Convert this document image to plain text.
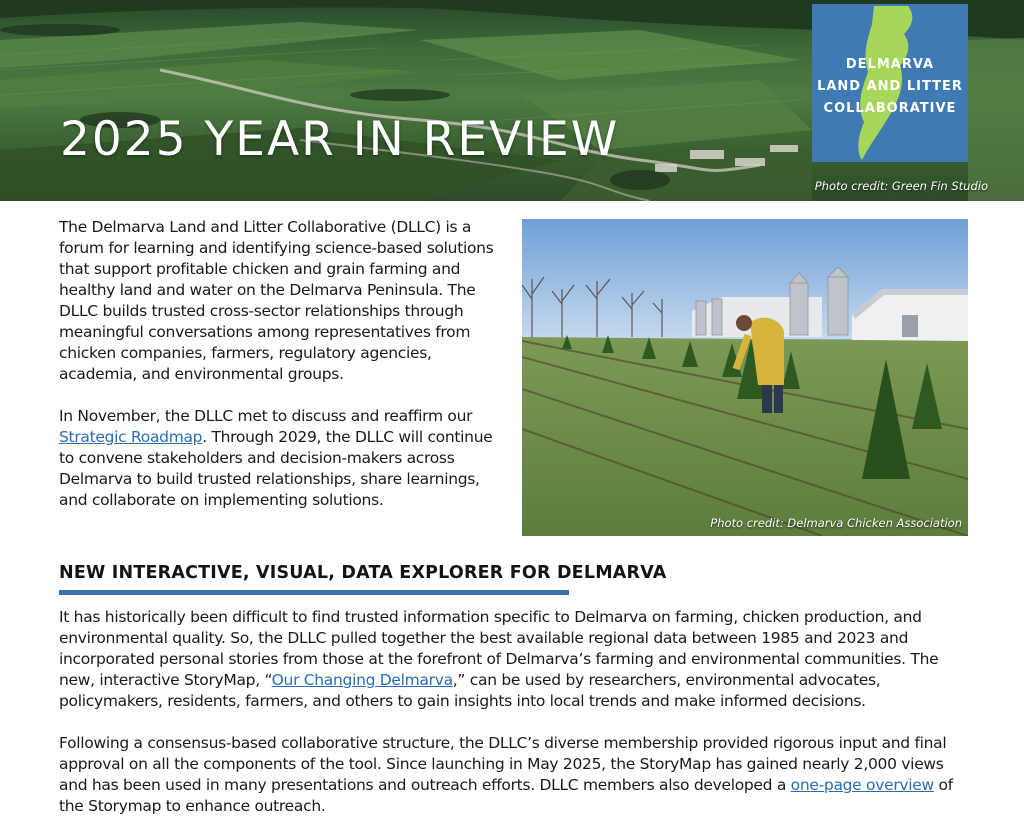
2025 YEAR IN REVIEW
DELMARVA
LAND AND LITTER
COLLABORATIVE
Photo credit: Green Fin Studio

The Delmarva Land and Litter Collaborative (DLLC) is a forum for learning and identifying science-based solutions that support profitable chicken and grain farming and healthy land and water on the Delmarva Peninsula. The DLLC builds trusted cross-sector relationships through meaningful conversations among representatives from chicken companies, farmers, regulatory agencies, academia, and environmental groups.

In November, the DLLC met to discuss and reaffirm our Strategic Roadmap. Through 2029, the DLLC will continue to convene stakeholders and decision-makers across Delmarva to build trusted relationships, share learnings, and collaborate on implementing solutions.

Photo credit: Delmarva Chicken Association
NEW INTERACTIVE, VISUAL, DATA EXPLORER FOR DELMARVA

It has historically been difficult to find trusted information specific to Delmarva on farming, chicken production, and environmental quality. So, the DLLC pulled together the best available regional data between 1985 and 2023 and incorporated personal stories from those at the forefront of Delmarva’s farming and environmental communities. The new, interactive StoryMap, “Our Changing Delmarva,” can be used by researchers, environmental advocates, policymakers, residents, farmers, and others to gain insights into local trends and make informed decisions.

Following a consensus-based collaborative structure, the DLLC’s diverse membership provided rigorous input and final approval on all the components of the tool. Since launching in May 2025, the StoryMap has gained nearly 2,000 views and has been used in many presentations and outreach efforts. DLLC members also developed a one-page overview of the Storymap to enhance outreach.
